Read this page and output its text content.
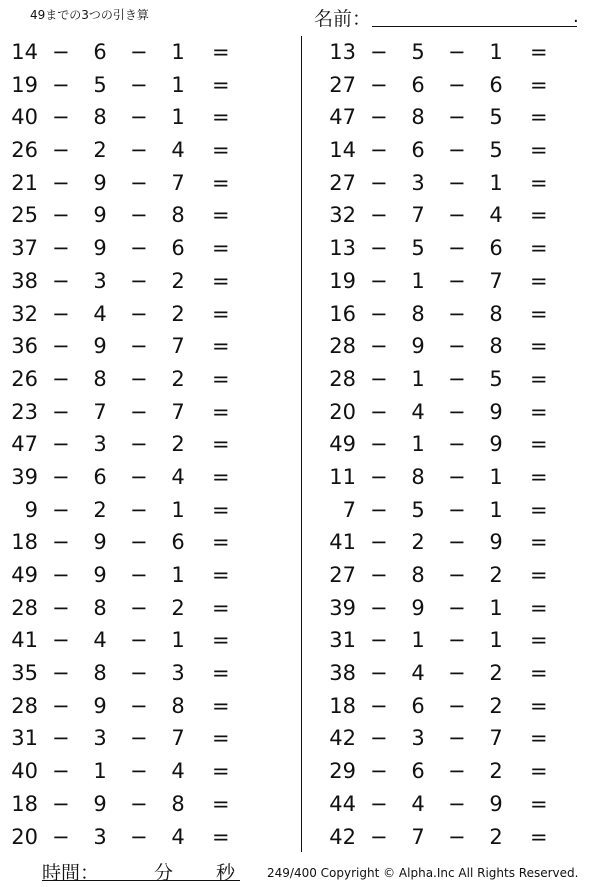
49までの3つの引き算	名前：	.
14 − 6 − 1 =
19 − 5 − 1 =
40 − 8 − 1 =
26 − 2 − 4 =
21 − 9 − 7 =
25 − 9 − 8 =
37 − 9 − 6 =
38 − 3 − 2 =
32 − 4 − 2 =
36 − 9 − 7 =
26 − 8 − 2 =
23 − 7 − 7 =
47 − 3 − 2 =
39 − 6 − 4 =
9 − 2 − 1 =
18 − 9 − 6 =
49 − 9 − 1 =
28 − 8 − 2 =
41 − 4 − 1 =
35 − 8 − 3 =
28 − 9 − 8 =
31 − 3 − 7 =
40 − 1 − 4 =
18 − 9 − 8 =
20 − 3 − 4 =
13 − 5 − 1 =
27 − 6 − 6 =
47 − 8 − 5 =
14 − 6 − 5 =
27 − 3 − 1 =
32 − 7 − 4 =
13 − 5 − 6 =
19 − 1 − 7 =
16 − 8 − 8 =
28 − 9 − 8 =
28 − 1 − 5 =
20 − 4 − 9 =
49 − 1 − 9 =
11 − 8 − 1 =
7 − 5 − 1 =
41 − 2 − 9 =
27 − 8 − 2 =
39 − 9 − 1 =
31 − 1 − 1 =
38 − 4 − 2 =
18 − 6 − 2 =
42 − 3 − 7 =
29 − 6 − 2 =
44 − 4 − 9 =
42 − 7 − 2 =
時間：	分 秒	249/400 Copyright © Alpha.Inc All Rights Reserved.
